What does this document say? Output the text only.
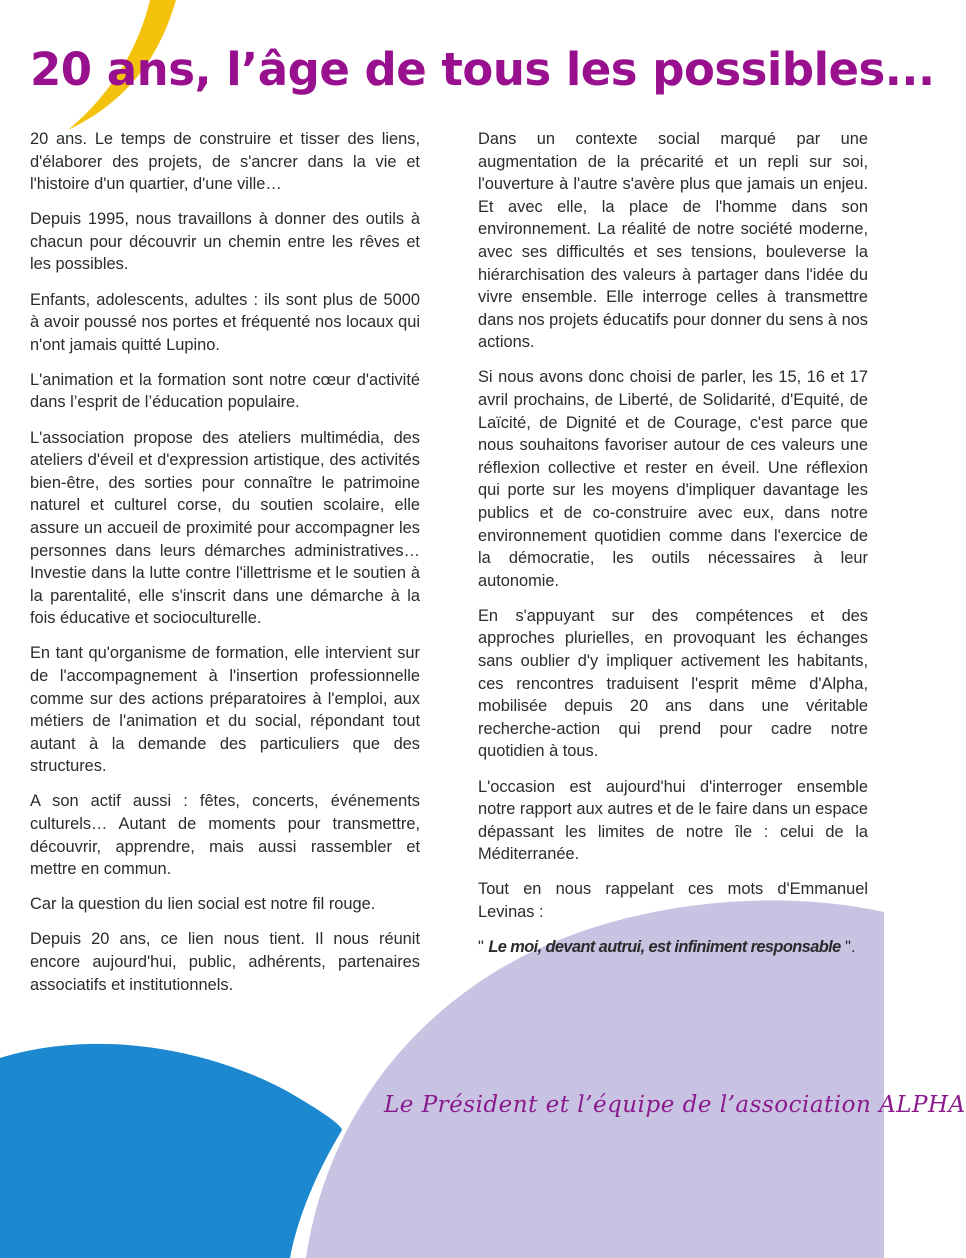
20 ans, l’âge de tous les possibles...

20 ans. Le temps de construire et tisser des liens, d'élaborer des projets, de s'ancrer dans la vie et l'histoire d'un quartier, d'une ville…

Depuis 1995, nous travaillons à donner des outils à chacun pour découvrir un chemin entre les rêves et les possibles.

Enfants, adolescents, adultes : ils sont plus de 5000 à avoir poussé nos portes et fréquenté nos locaux qui n'ont jamais quitté Lupino.

L'animation et la formation sont notre cœur d'activité dans l’esprit de l’éducation populaire.

L'association propose des ateliers multimédia, des ateliers d'éveil et d'expression artistique, des activités bien-être, des sorties pour connaître le patrimoine naturel et culturel corse, du soutien scolaire, elle assure un accueil de proximité pour accompagner les personnes dans leurs démarches administratives… Investie dans la lutte contre l'illettrisme et le soutien à la parentalité, elle s'inscrit dans une démarche à la fois éducative et socioculturelle.

En tant qu'organisme de formation, elle intervient sur de l'accompagnement à l'insertion professionnelle comme sur des actions préparatoires à l'emploi, aux métiers de l'animation et du social, répondant tout autant à la demande des particuliers que des structures.

A son actif aussi : fêtes, concerts, événements culturels… Autant de moments pour transmettre, découvrir, apprendre, mais aussi rassembler et mettre en commun.

Car la question du lien social est notre fil rouge.

Depuis 20 ans, ce lien nous tient. Il nous réunit encore aujourd'hui, public, adhérents, partenaires associatifs et institutionnels.

Dans un contexte social marqué par une augmentation de la précarité et un repli sur soi, l'ouverture à l'autre s'avère plus que jamais un enjeu. Et avec elle, la place de l'homme dans son environnement. La réalité de notre société moderne, avec ses difficultés et ses tensions, bouleverse la hiérarchisation des valeurs à partager dans l'idée du vivre ensemble. Elle interroge celles à transmettre dans nos projets éducatifs pour donner du sens à nos actions.

Si nous avons donc choisi de parler, les 15, 16 et 17 avril prochains, de Liberté, de Solidarité, d'Equité, de Laïcité, de Dignité et de Courage, c'est parce que nous souhaitons favoriser autour de ces valeurs une réflexion collective et rester en éveil. Une réflexion qui porte sur les moyens d'impliquer davantage les publics et de co-construire avec eux, dans notre environnement quotidien comme dans l'exercice de la démocratie, les outils nécessaires à leur autonomie.

En s'appuyant sur des compétences et des approches plurielles, en provoquant les échanges sans oublier d'y impliquer activement les habitants, ces rencontres traduisent l'esprit même d'Alpha, mobilisée depuis 20 ans dans une véritable recherche-action qui prend pour cadre notre quotidien à tous.

L'occasion est aujourd'hui d'interroger ensemble notre rapport aux autres et de le faire dans un espace dépassant les limites de notre île : celui de la Méditerranée.

Tout en nous rappelant ces mots d'Emmanuel Levinas :

" Le moi, devant autrui, est infiniment responsable ".

Le Président et l’équipe de l’association ALPHA
